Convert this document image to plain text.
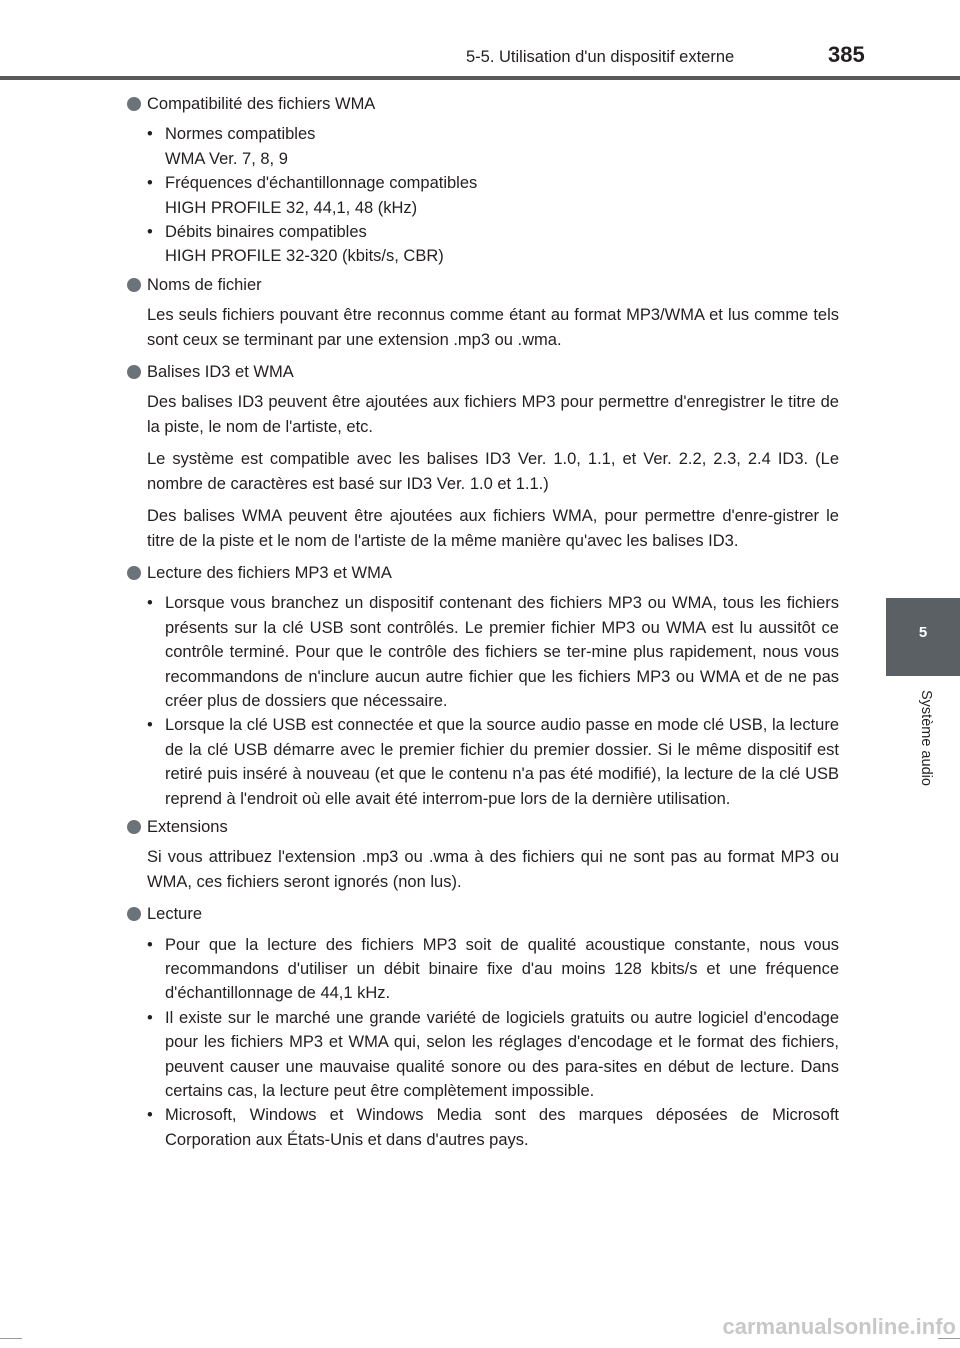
5-5. Utilisation d'un dispositif externe	385
5
Système audio
Compatibilité des fichiers WMA
• Normes compatibles
WMA Ver. 7, 8, 9
• Fréquences d'échantillonnage compatibles
HIGH PROFILE 32, 44,1, 48 (kHz)
• Débits binaires compatibles
HIGH PROFILE 32-320 (kbits/s, CBR)
Noms de fichier

Les seuls fichiers pouvant être reconnus comme étant au format MP3/WMA et lus comme tels sont ceux se terminant par une extension .mp3 ou .wma.

Balises ID3 et WMA

Des balises ID3 peuvent être ajoutées aux fichiers MP3 pour permettre d'enregistrer le titre de la piste, le nom de l'artiste, etc.

Le système est compatible avec les balises ID3 Ver. 1.0, 1.1, et Ver. 2.2, 2.3, 2.4 ID3. (Le nombre de caractères est basé sur ID3 Ver. 1.0 et 1.1.)

Des balises WMA peuvent être ajoutées aux fichiers WMA, pour permettre d'enre-gistrer le titre de la piste et le nom de l'artiste de la même manière qu'avec les balises ID3.

Lecture des fichiers MP3 et WMA
• Lorsque vous branchez un dispositif contenant des fichiers MP3 ou WMA, tous les fichiers présents sur la clé USB sont contrôlés. Le premier fichier MP3 ou WMA est lu aussitôt ce contrôle terminé. Pour que le contrôle des fichiers se ter-mine plus rapidement, nous vous recommandons de n'inclure aucun autre fichier que les fichiers MP3 ou WMA et de ne pas créer plus de dossiers que nécessaire.
• Lorsque la clé USB est connectée et que la source audio passe en mode clé USB, la lecture de la clé USB démarre avec le premier fichier du premier dossier. Si le même dispositif est retiré puis inséré à nouveau (et que le contenu n'a pas été modifié), la lecture de la clé USB reprend à l'endroit où elle avait été interrom-pue lors de la dernière utilisation.
Extensions

Si vous attribuez l'extension .mp3 ou .wma à des fichiers qui ne sont pas au format MP3 ou WMA, ces fichiers seront ignorés (non lus).

Lecture
• Pour que la lecture des fichiers MP3 soit de qualité acoustique constante, nous vous recommandons d'utiliser un débit binaire fixe d'au moins 128 kbits/s et une fréquence d'échantillonnage de 44,1 kHz.
• Il existe sur le marché une grande variété de logiciels gratuits ou autre logiciel d'encodage pour les fichiers MP3 et WMA qui, selon les réglages d'encodage et le format des fichiers, peuvent causer une mauvaise qualité sonore ou des para-sites en début de lecture. Dans certains cas, la lecture peut être complètement impossible.
• Microsoft, Windows et Windows Media sont des marques déposées de Microsoft Corporation aux États-Unis et dans d'autres pays.
carmanualsonline.info
